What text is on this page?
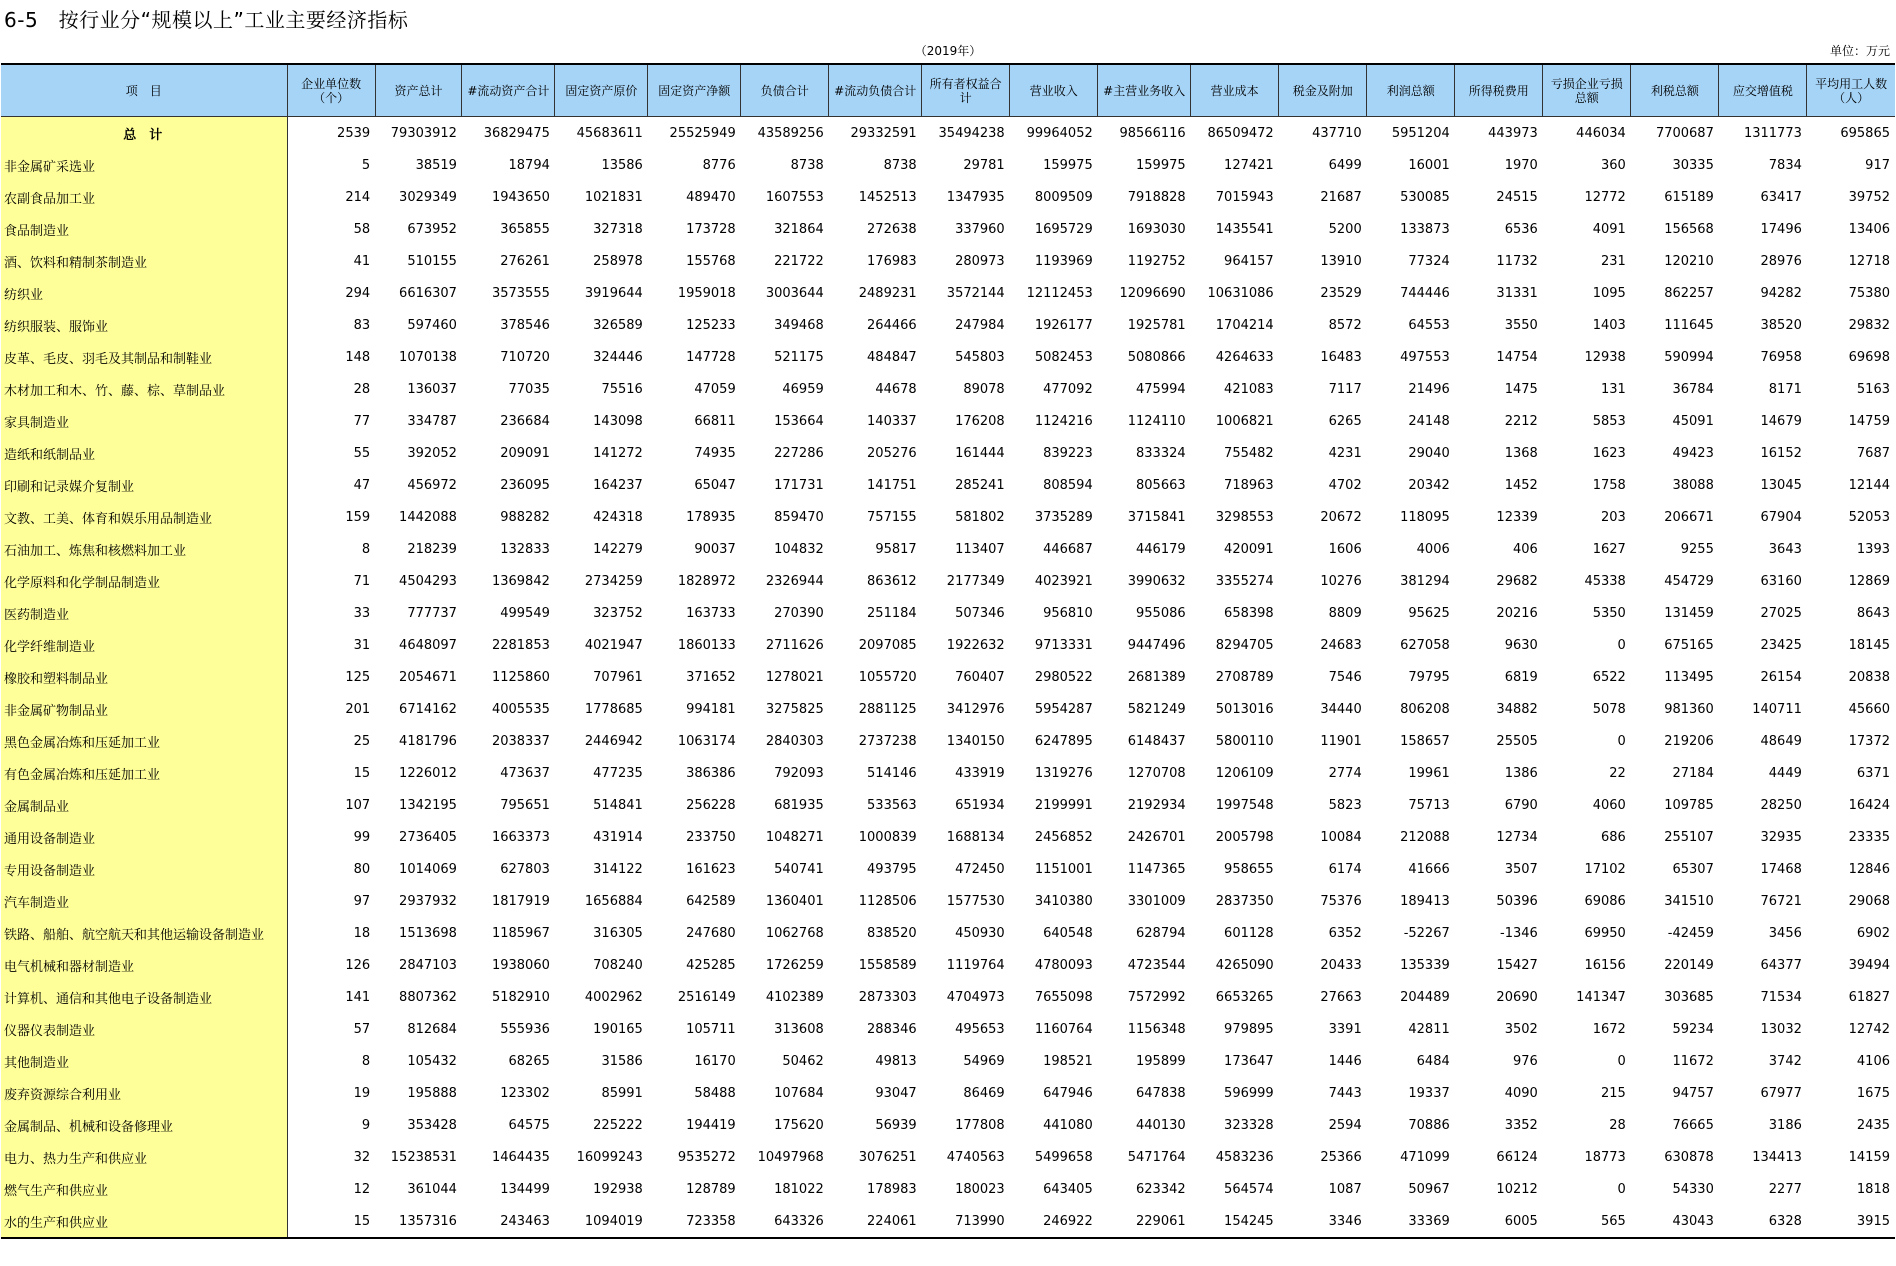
6-5　按行业分“规模以上”工业主要经济指标
（2019年）	单位：万元
项　目	企业单位数（个）	资产总计	#流动资产合计	固定资产原价	固定资产净额	负债合计	#流动负债合计	所有者权益合计	营业收入	#主营业务收入	营业成本	税金及附加	利润总额	所得税费用	亏损企业亏损总额	利税总额	应交增值税	平均用工人数（人）
总　计	2539	79303912	36829475	45683611	25525949	43589256	29332591	35494238	99964052	98566116	86509472	437710	5951204	443973	446034	7700687	1311773	695865
非金属矿采选业	5	38519	18794	13586	8776	8738	8738	29781	159975	159975	127421	6499	16001	1970	360	30335	7834	917
农副食品加工业	214	3029349	1943650	1021831	489470	1607553	1452513	1347935	8009509	7918828	7015943	21687	530085	24515	12772	615189	63417	39752
食品制造业	58	673952	365855	327318	173728	321864	272638	337960	1695729	1693030	1435541	5200	133873	6536	4091	156568	17496	13406
酒、饮料和精制茶制造业	41	510155	276261	258978	155768	221722	176983	280973	1193969	1192752	964157	13910	77324	11732	231	120210	28976	12718
纺织业	294	6616307	3573555	3919644	1959018	3003644	2489231	3572144	12112453	12096690	10631086	23529	744446	31331	1095	862257	94282	75380
纺织服装、服饰业	83	597460	378546	326589	125233	349468	264466	247984	1926177	1925781	1704214	8572	64553	3550	1403	111645	38520	29832
皮革、毛皮、羽毛及其制品和制鞋业	148	1070138	710720	324446	147728	521175	484847	545803	5082453	5080866	4264633	16483	497553	14754	12938	590994	76958	69698
木材加工和木、竹、藤、棕、草制品业	28	136037	77035	75516	47059	46959	44678	89078	477092	475994	421083	7117	21496	1475	131	36784	8171	5163
家具制造业	77	334787	236684	143098	66811	153664	140337	176208	1124216	1124110	1006821	6265	24148	2212	5853	45091	14679	14759
造纸和纸制品业	55	392052	209091	141272	74935	227286	205276	161444	839223	833324	755482	4231	29040	1368	1623	49423	16152	7687
印刷和记录媒介复制业	47	456972	236095	164237	65047	171731	141751	285241	808594	805663	718963	4702	20342	1452	1758	38088	13045	12144
文教、工美、体育和娱乐用品制造业	159	1442088	988282	424318	178935	859470	757155	581802	3735289	3715841	3298553	20672	118095	12339	203	206671	67904	52053
石油加工、炼焦和核燃料加工业	8	218239	132833	142279	90037	104832	95817	113407	446687	446179	420091	1606	4006	406	1627	9255	3643	1393
化学原料和化学制品制造业	71	4504293	1369842	2734259	1828972	2326944	863612	2177349	4023921	3990632	3355274	10276	381294	29682	45338	454729	63160	12869
医药制造业	33	777737	499549	323752	163733	270390	251184	507346	956810	955086	658398	8809	95625	20216	5350	131459	27025	8643
化学纤维制造业	31	4648097	2281853	4021947	1860133	2711626	2097085	1922632	9713331	9447496	8294705	24683	627058	9630	0	675165	23425	18145
橡胶和塑料制品业	125	2054671	1125860	707961	371652	1278021	1055720	760407	2980522	2681389	2708789	7546	79795	6819	6522	113495	26154	20838
非金属矿物制品业	201	6714162	4005535	1778685	994181	3275825	2881125	3412976	5954287	5821249	5013016	34440	806208	34882	5078	981360	140711	45660
黑色金属冶炼和压延加工业	25	4181796	2038337	2446942	1063174	2840303	2737238	1340150	6247895	6148437	5800110	11901	158657	25505	0	219206	48649	17372
有色金属冶炼和压延加工业	15	1226012	473637	477235	386386	792093	514146	433919	1319276	1270708	1206109	2774	19961	1386	22	27184	4449	6371
金属制品业	107	1342195	795651	514841	256228	681935	533563	651934	2199991	2192934	1997548	5823	75713	6790	4060	109785	28250	16424
通用设备制造业	99	2736405	1663373	431914	233750	1048271	1000839	1688134	2456852	2426701	2005798	10084	212088	12734	686	255107	32935	23335
专用设备制造业	80	1014069	627803	314122	161623	540741	493795	472450	1151001	1147365	958655	6174	41666	3507	17102	65307	17468	12846
汽车制造业	97	2937932	1817919	1656884	642589	1360401	1128506	1577530	3410380	3301009	2837350	75376	189413	50396	69086	341510	76721	29068
铁路、船舶、航空航天和其他运输设备制造业	18	1513698	1185967	316305	247680	1062768	838520	450930	640548	628794	601128	6352	-52267	-1346	69950	-42459	3456	6902
电气机械和器材制造业	126	2847103	1938060	708240	425285	1726259	1558589	1119764	4780093	4723544	4265090	20433	135339	15427	16156	220149	64377	39494
计算机、通信和其他电子设备制造业	141	8807362	5182910	4002962	2516149	4102389	2873303	4704973	7655098	7572992	6653265	27663	204489	20690	141347	303685	71534	61827
仪器仪表制造业	57	812684	555936	190165	105711	313608	288346	495653	1160764	1156348	979895	3391	42811	3502	1672	59234	13032	12742
其他制造业	8	105432	68265	31586	16170	50462	49813	54969	198521	195899	173647	1446	6484	976	0	11672	3742	4106
废弃资源综合利用业	19	195888	123302	85991	58488	107684	93047	86469	647946	647838	596999	7443	19337	4090	215	94757	67977	1675
金属制品、机械和设备修理业	9	353428	64575	225222	194419	175620	56939	177808	441080	440130	323328	2594	70886	3352	28	76665	3186	2435
电力、热力生产和供应业	32	15238531	1464435	16099243	9535272	10497968	3076251	4740563	5499658	5471764	4583236	25366	471099	66124	18773	630878	134413	14159
燃气生产和供应业	12	361044	134499	192938	128789	181022	178983	180023	643405	623342	564574	1087	50967	10212	0	54330	2277	1818
水的生产和供应业	15	1357316	243463	1094019	723358	643326	224061	713990	246922	229061	154245	3346	33369	6005	565	43043	6328	3915
